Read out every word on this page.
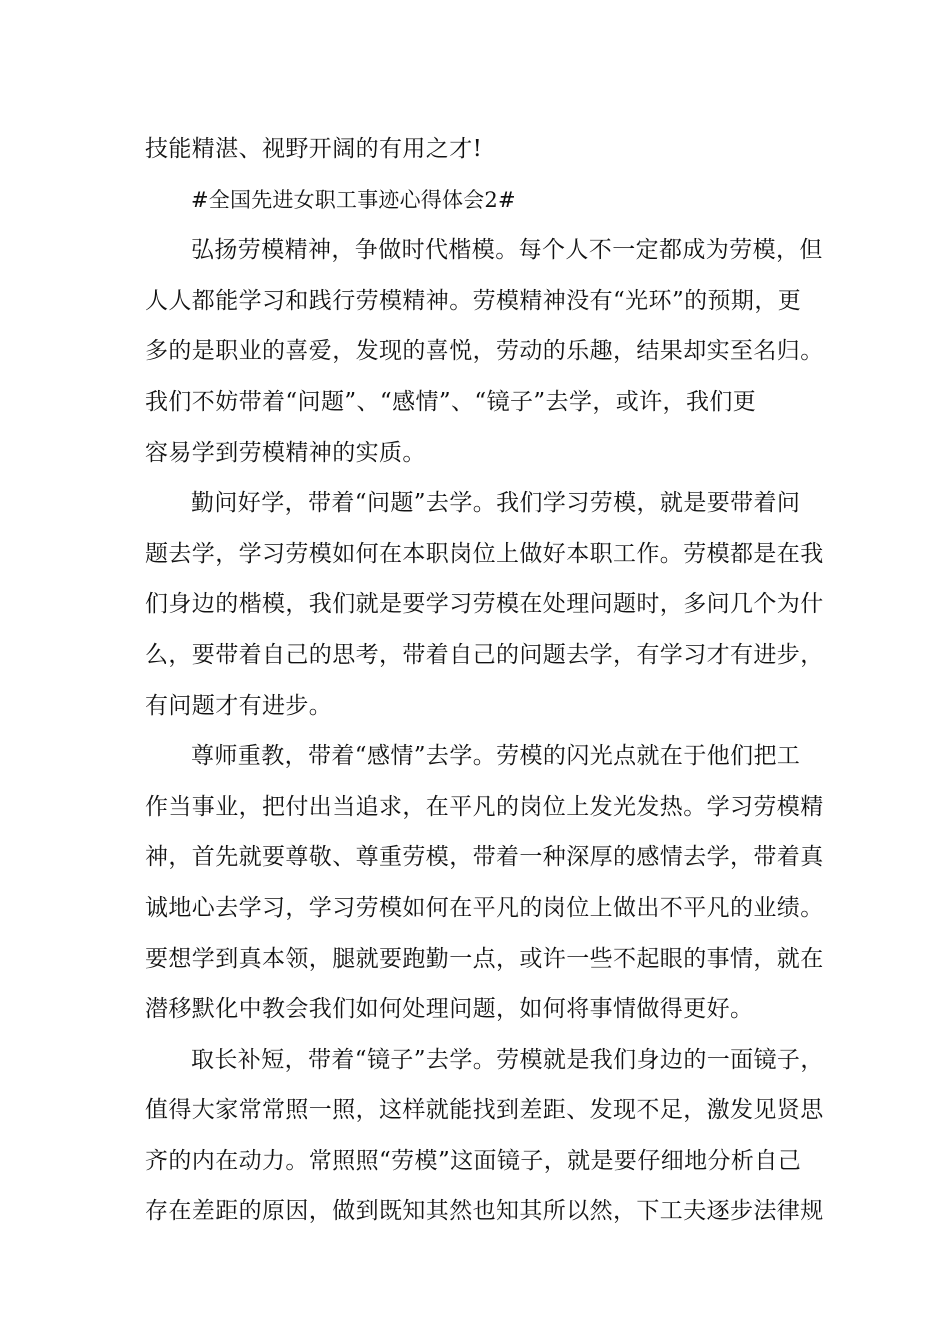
技能精湛、视野开阔的有用之才!
#全国先进女职工事迹心得体会2#
弘扬劳模精神，争做时代楷模。每个人不一定都成为劳模，但
人人都能学习和践行劳模精神。劳模精神没有“光环”的预期，更
多的是职业的喜爱，发现的喜悦，劳动的乐趣，结果却实至名归。
我们不妨带着“问题”、“感情”、“镜子”去学，或许，我们更
容易学到劳模精神的实质。
勤问好学，带着“问题”去学。我们学习劳模，就是要带着问
题去学，学习劳模如何在本职岗位上做好本职工作。劳模都是在我
们身边的楷模，我们就是要学习劳模在处理问题时，多问几个为什
么，要带着自己的思考，带着自己的问题去学，有学习才有进步，
有问题才有进步。
尊师重教，带着“感情”去学。劳模的闪光点就在于他们把工
作当事业，把付出当追求，在平凡的岗位上发光发热。学习劳模精
神，首先就要尊敬、尊重劳模，带着一种深厚的感情去学，带着真
诚地心去学习，学习劳模如何在平凡的岗位上做出不平凡的业绩。
要想学到真本领，腿就要跑勤一点，或许一些不起眼的事情，就在
潜移默化中教会我们如何处理问题，如何将事情做得更好。
取长补短，带着“镜子”去学。劳模就是我们身边的一面镜子，
值得大家常常照一照，这样就能找到差距、发现不足，激发见贤思
齐的内在动力。常照照“劳模”这面镜子，就是要仔细地分析自己
存在差距的原因，做到既知其然也知其所以然，下工夫逐步法律规
